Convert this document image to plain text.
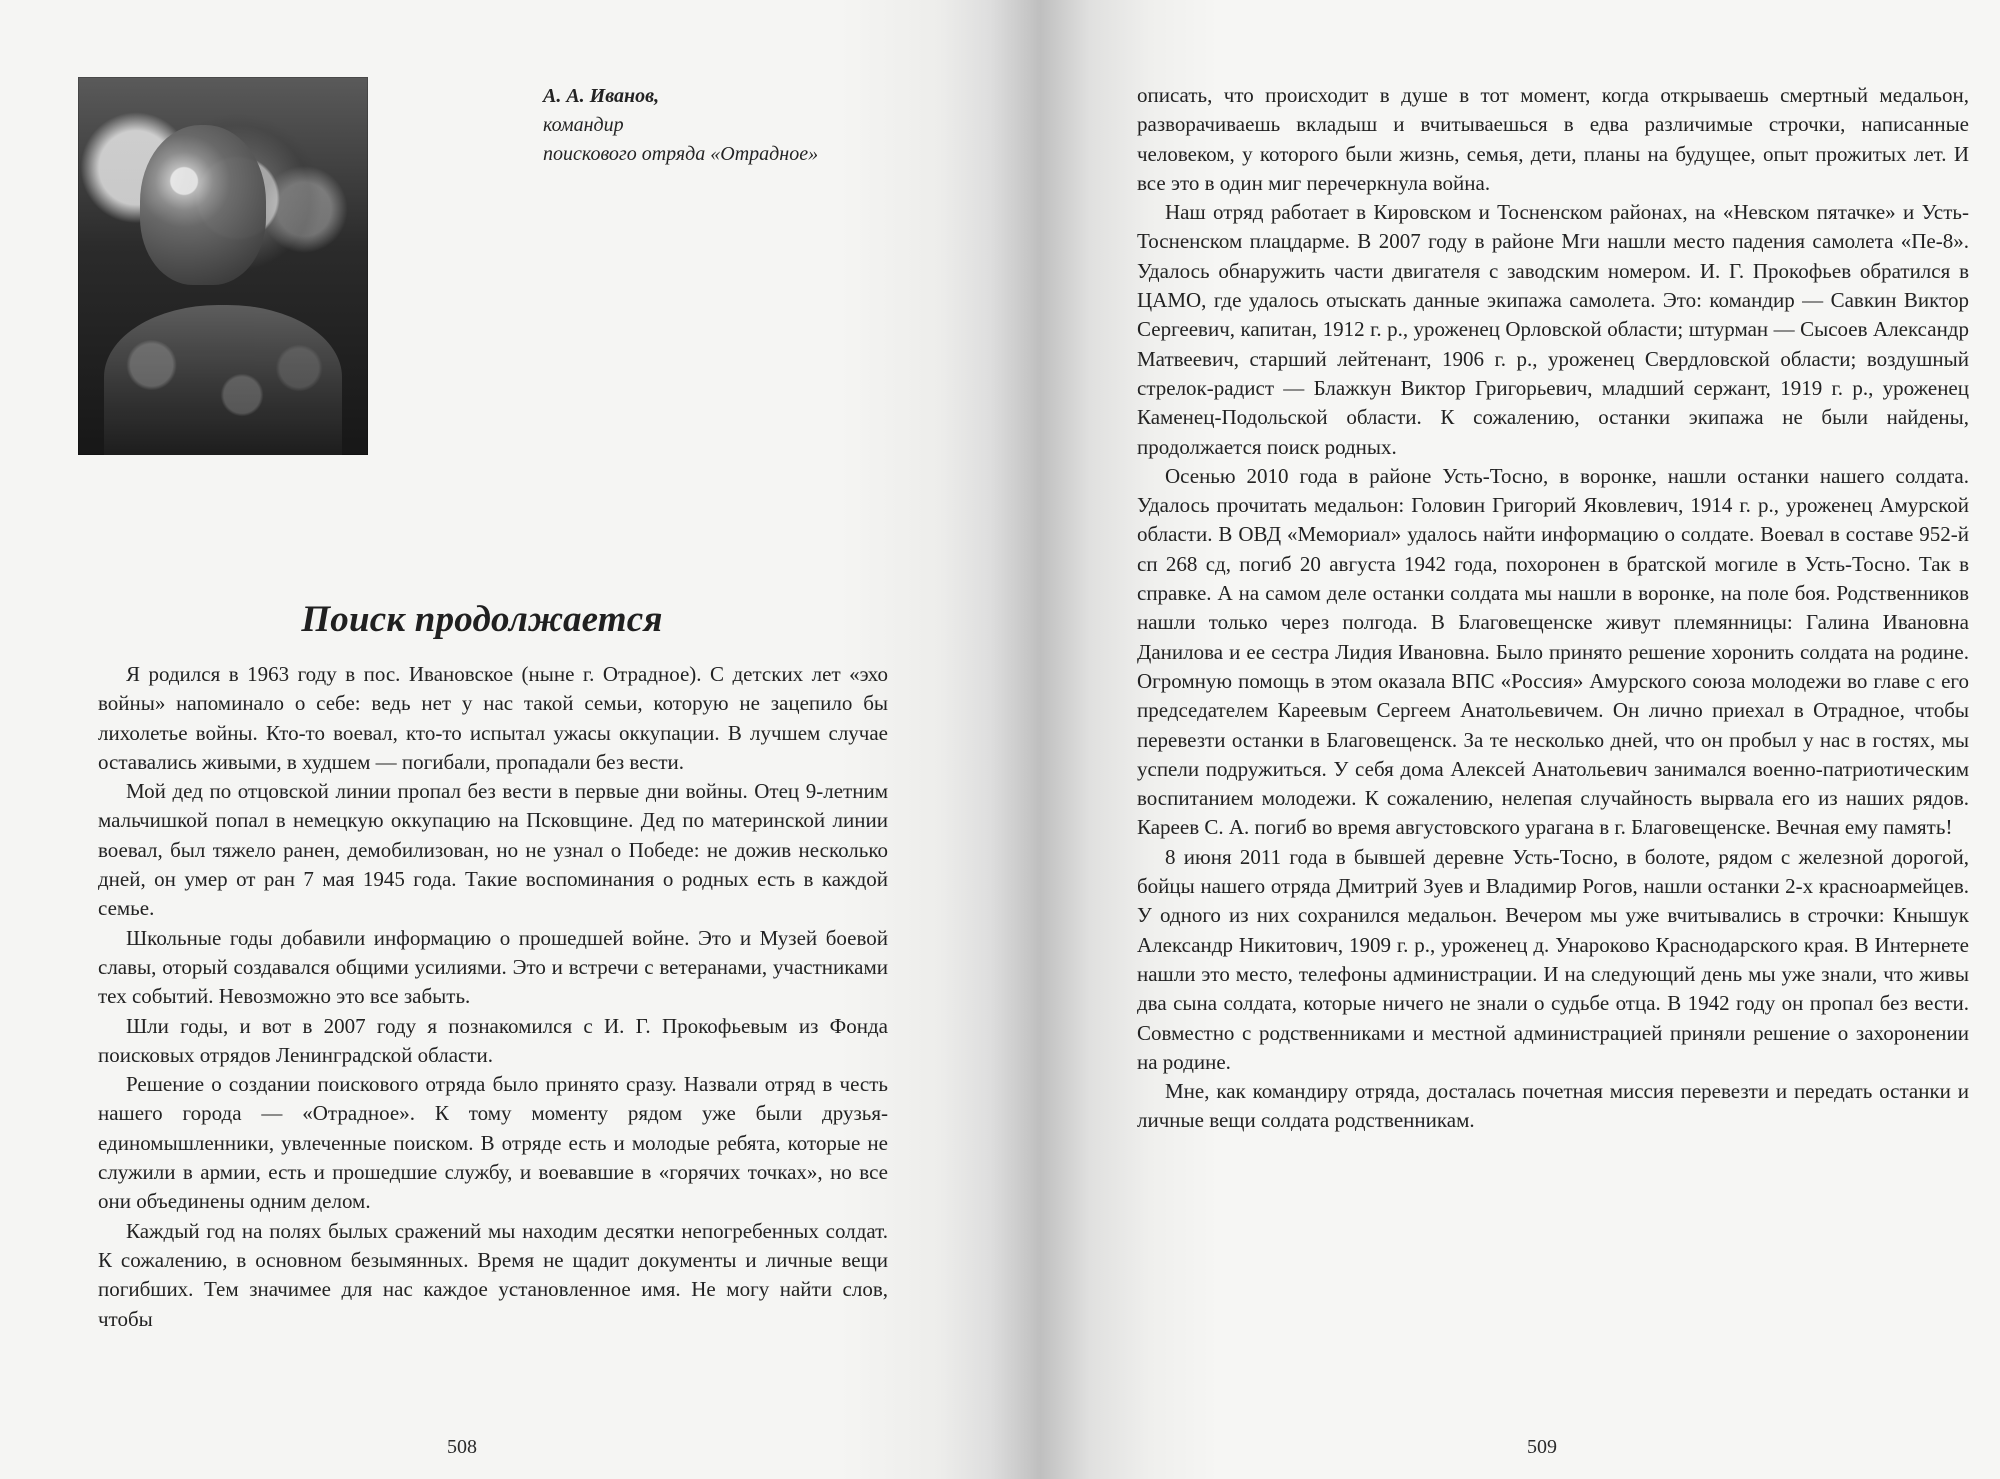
А. А. Иванов,
командир
поискового отряда «Отрадное»
Поиск продолжается

Я родился в 1963 году в пос. Ивановское (ныне г. Отрадное). С детских лет «эхо войны» напоминало о себе: ведь нет у нас такой семьи, которую не зацепило бы лихолетье войны. Кто-то воевал, кто-то испытал ужасы оккупации. В лучшем случае оставались живыми, в худшем — погибали, пропадали без вести.

Мой дед по отцовской линии пропал без вести в первые дни войны. Отец 9-летним мальчишкой попал в немецкую оккупацию на Псковщине. Дед по материнской линии воевал, был тяжело ранен, демобилизован, но не узнал о Победе: не дожив несколько дней, он умер от ран 7 мая 1945 года. Такие воспоминания о родных есть в каждой семье.

Школьные годы добавили информацию о прошедшей войне. Это и Музей боевой славы, оторый создавался общими усилиями. Это и встречи с ветеранами, участниками тех событий. Невозможно это все забыть.

Шли годы, и вот в 2007 году я познакомился с И. Г. Прокофьевым из Фонда поисковых отрядов Ленинградской области.

Решение о создании поискового отряда было принято сразу. Назвали отряд в честь нашего города — «Отрадное». К тому моменту рядом уже были друзья-единомышленники, увлеченные поиском. В отряде есть и молодые ребята, которые не служили в армии, есть и прошедшие службу, и воевавшие в «горячих точках», но все они объединены одним делом.

Каждый год на полях былых сражений мы находим десятки непогребенных солдат. К сожалению, в основном безымянных. Время не щадит документы и личные вещи погибших. Тем значимее для нас каждое установленное имя. Не могу найти слов, чтобы

508

описать, что происходит в душе в тот момент, когда открываешь смертный медальон, разворачиваешь вкладыш и вчитываешься в едва различимые строчки, написанные человеком, у которого были жизнь, семья, дети, планы на будущее, опыт прожитых лет. И все это в один миг перечеркнула война.

Наш отряд работает в Кировском и Тосненском районах, на «Невском пятачке» и Усть-Тосненском плацдарме. В 2007 году в районе Мги нашли место падения самолета «Пе-8». Удалось обнаружить части двигателя с заводским номером. И. Г. Прокофьев обратился в ЦАМО, где удалось отыскать данные экипажа самолета. Это: командир — Савкин Виктор Сергеевич, капитан, 1912 г. р., уроженец Орловской области; штурман — Сысоев Александр Матвеевич, старший лейтенант, 1906 г. р., уроженец Свердловской области; воздушный стрелок-радист — Блажкун Виктор Григорьевич, младший сержант, 1919 г. р., уроженец Каменец-Подольской области. К сожалению, останки экипажа не были найдены, продолжается поиск родных.

Осенью 2010 года в районе Усть-Тосно, в воронке, нашли останки нашего солдата. Удалось прочитать медальон: Головин Григорий Яковлевич, 1914 г. р., уроженец Амурской области. В ОВД «Мемориал» удалось найти информацию о солдате. Воевал в составе 952-й сп 268 сд, погиб 20 августа 1942 года, похоронен в братской могиле в Усть-Тосно. Так в справке. А на самом деле останки солдата мы нашли в воронке, на поле боя. Родственников нашли только через полгода. В Благовещенске живут племянницы: Галина Ивановна Данилова и ее сестра Лидия Ивановна. Было принято решение хоронить солдата на родине. Огромную помощь в этом оказала ВПС «Россия» Амурского союза молодежи во главе с его председателем Кареевым Сергеем Анатольевичем. Он лично приехал в Отрадное, чтобы перевезти останки в Благовещенск. За те несколько дней, что он пробыл у нас в гостях, мы успели подружиться. У себя дома Алексей Анатольевич занимался военно-патриотическим воспитанием молодежи. К сожалению, нелепая случайность вырвала его из наших рядов. Кареев С. А. погиб во время августовского урагана в г. Благовещенске. Вечная ему память!

8 июня 2011 года в бывшей деревне Усть-Тосно, в болоте, рядом с железной дорогой, бойцы нашего отряда Дмитрий Зуев и Владимир Рогов, нашли останки 2-х красноармейцев. У одного из них сохранился медальон. Вечером мы уже вчитывались в строчки: Кнышук Александр Никитович, 1909 г. р., уроженец д. Унароково Краснодарского края. В Интернете нашли это место, телефоны администрации. И на следующий день мы уже знали, что живы два сына солдата, которые ничего не знали о судьбе отца. В 1942 году он пропал без вести. Совместно с родственниками и местной администрацией приняли решение о захоронении на родине.

Мне, как командиру отряда, досталась почетная миссия перевезти и передать останки и личные вещи солдата родственникам.

509
